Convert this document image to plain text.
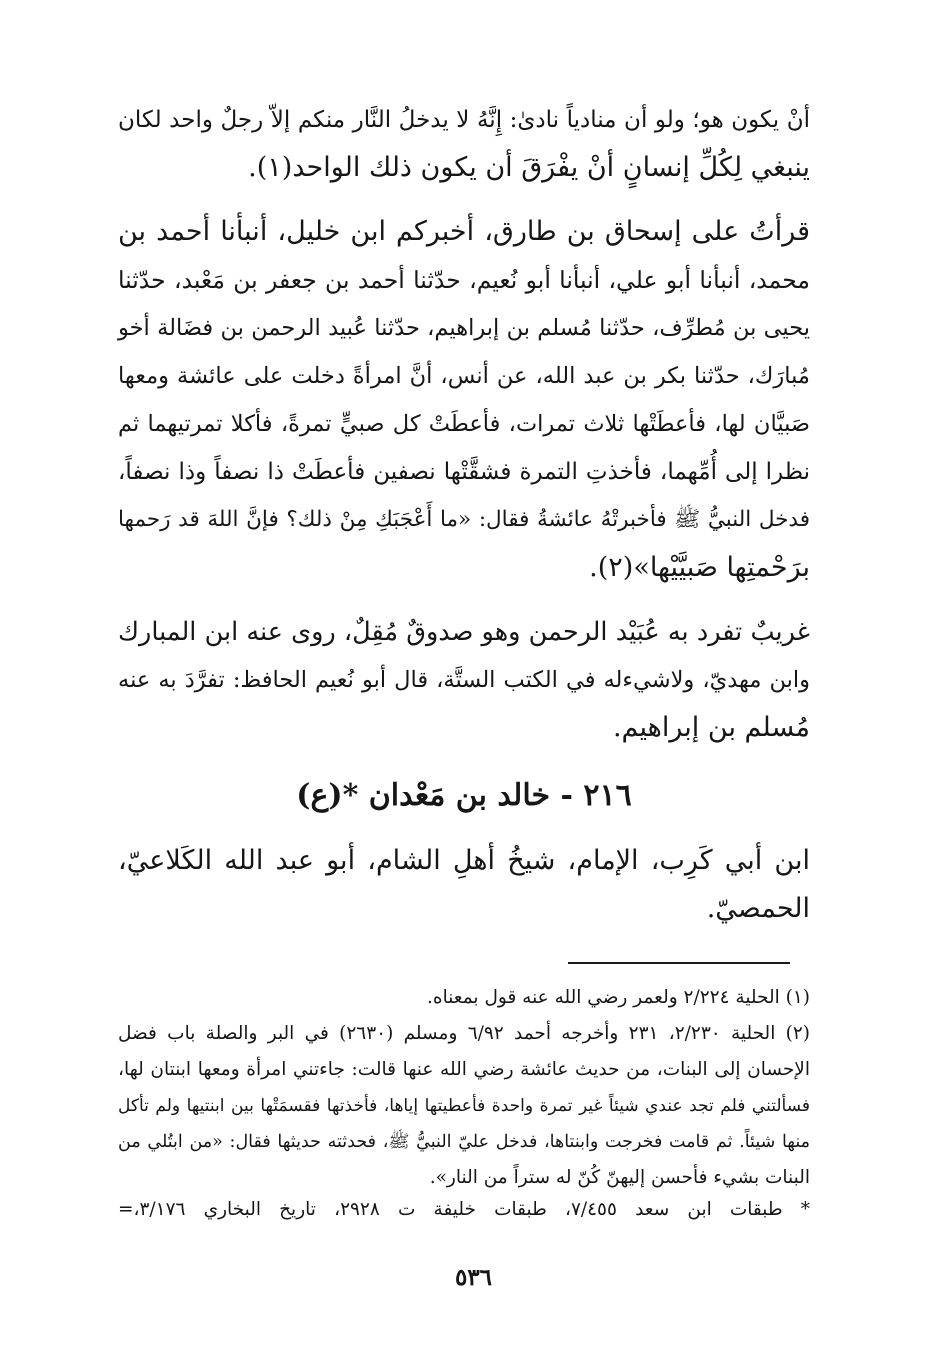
أنْ يكون هو؛ ولو أن منادياً نادىٰ: إِنَّهُ لا يدخلُ النَّار منكم إلاّ رجلٌ واحد لكان
ينبغي لِكُلِّ إنسانٍ أنْ يفْرَقَ أن يكون ذلك الواحد(١).
قرأتُ على إسحاق بن طارق، أخبركم ابن خليل، أنبأنا أحمد بن
محمد، أنبأنا أبو علي، أنبأنا أبو نُعيم، حدّثنا أحمد بن جعفر بن مَعْبد، حدّثنا
يحيى بن مُطرِّف، حدّثنا مُسلم بن إبراهيم، حدّثنا عُبيد الرحمن بن فضَالة أخو
مُبارَك، حدّثنا بكر بن عبد الله، عن أنس، أنَّ امرأةً دخلت على عائشة ومعها
صَبيَّان لها، فأعطَتْها ثلاث تمرات، فأعطَتْ كل صبيٍّ تمرةً، فأكلا تمرتيهما ثم
نظرا إلى أُمِّهما، فأخذتِ التمرة فشقَّتْها نصفين فأعطَتْ ذا نصفاً وذا نصفاً،
فدخل النبيُّ ﷺ فأخبرتْهُ عائشةُ فقال: «ما أَعْجَبَكِ مِنْ ذلك؟ فإنَّ اللهَ قد رَحمها
برَحْمتِها صَبيَّيْها»(٢).
غريبٌ تفرد به عُبَيْد الرحمن وهو صدوقٌ مُقِلٌ، روى عنه ابن المبارك
وابن مهديّ، ولاشيءله في الكتب الستَّة، قال أبو نُعيم الحافظ: تفرَّدَ به عنه
مُسلم بن إبراهيم.
٢١٦ - خالد بن مَعْدان *(ع)
ابن أبي كَرِب، الإمام، شيخُ أهلِ الشام، أبو عبد الله الكَلاعيّ،
الحمصيّ.
(١) الحلية ٢/٢٢٤ ولعمر رضي الله عنه قول بمعناه.
(٢) الحلية ٢/٢٣٠، ٢٣١ وأخرجه أحمد ٦/٩٢ ومسلم (٢٦٣٠) في البر والصلة باب فضل
الإحسان إلى البنات، من حديث عائشة رضي الله عنها قالت: جاءتني امرأة ومعها ابنتان لها،
فسألتني فلم تجد عندي شيئاً غير تمرة واحدة فأعطيتها إياها، فأخذتها فقسمَتْها بين ابنتيها ولم تأكل
منها شيئاً. ثم قامت فخرجت وابنتاها، فدخل عليّ النبيُّ ﷺ، فحدثته حديثها فقال: «من ابتُلي من
البنات بشيء فأحسن إليهنّ كُنّ له ستراً من النار».
* طبقات ابن سعد ٧/٤٥٥، طبقات خليفة ت ٢٩٢٨، تاريخ البخاري ٣/١٧٦،=
٥٣٦
